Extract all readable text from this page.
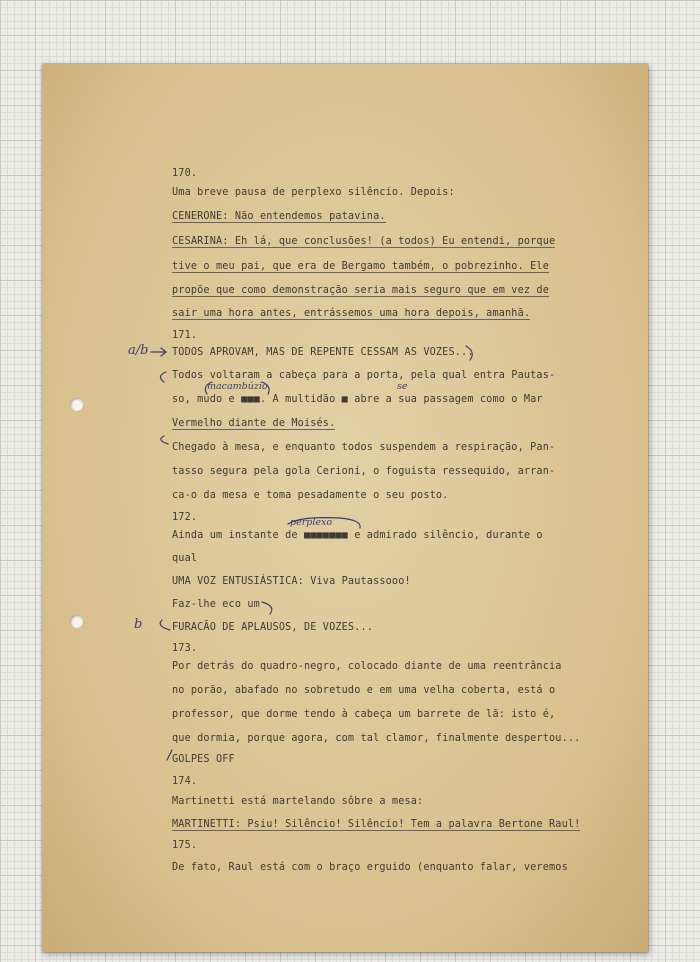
170.
Uma breve pausa de perplexo silêncio. Depois:
CENERONE: Não entendemos patavina.
CESARINA: Eh lá, que conclusões! (a todos) Eu entendi, porque
tive o meu pai, que era de Bergamo também, o pobrezinho. Ele
propõe que como demonstração seria mais seguro que em vez de
sair uma hora antes, entrássemos uma hora depois, amanhã.
171.
TODOS APROVAM, MAS DE REPENTE CESSAM AS VOZES...
Todos voltaram a cabeça para a porta, pela qual entra Pautas-
so, mudo e ■■■. A multidão ■ abre a sua passagem como o Mar
Vermelho diante de Moisés.
Chegado à mesa, e enquanto todos suspendem a respiração, Pan-
tasso segura pela gola Cerioni, o foguista ressequido, arran-
ca-o da mesa e toma pesadamente o seu posto.
172.
Ainda um instante de ■■■■■■■ e admirado silêncio, durante o
qual
UMA VOZ ENTUSIÁSTICA: Viva Pautassooo!
Faz-lhe eco um
FURACÃO DE APLAUSOS, DE VOZES...
173.
Por detrás do quadro-negro, colocado diante de uma reentrância
no porão, abafado no sobretudo e em uma velha coberta, está o
professor, que dorme tendo à cabeça um barrete de lã: isto é,
que dormia, porque agora, com tal clamor, finalmente despertou...
GOLPES OFF
174.
Martinetti está martelando sôbre a mesa:
MARTINETTI: Psiu! Silêncio! Silêncio! Tem a palavra Bertone Raul!
175.
De fato, Raul está com o braço erguido (enquanto falar, veremos
a/b
b
macambúzio	se
perplexo
